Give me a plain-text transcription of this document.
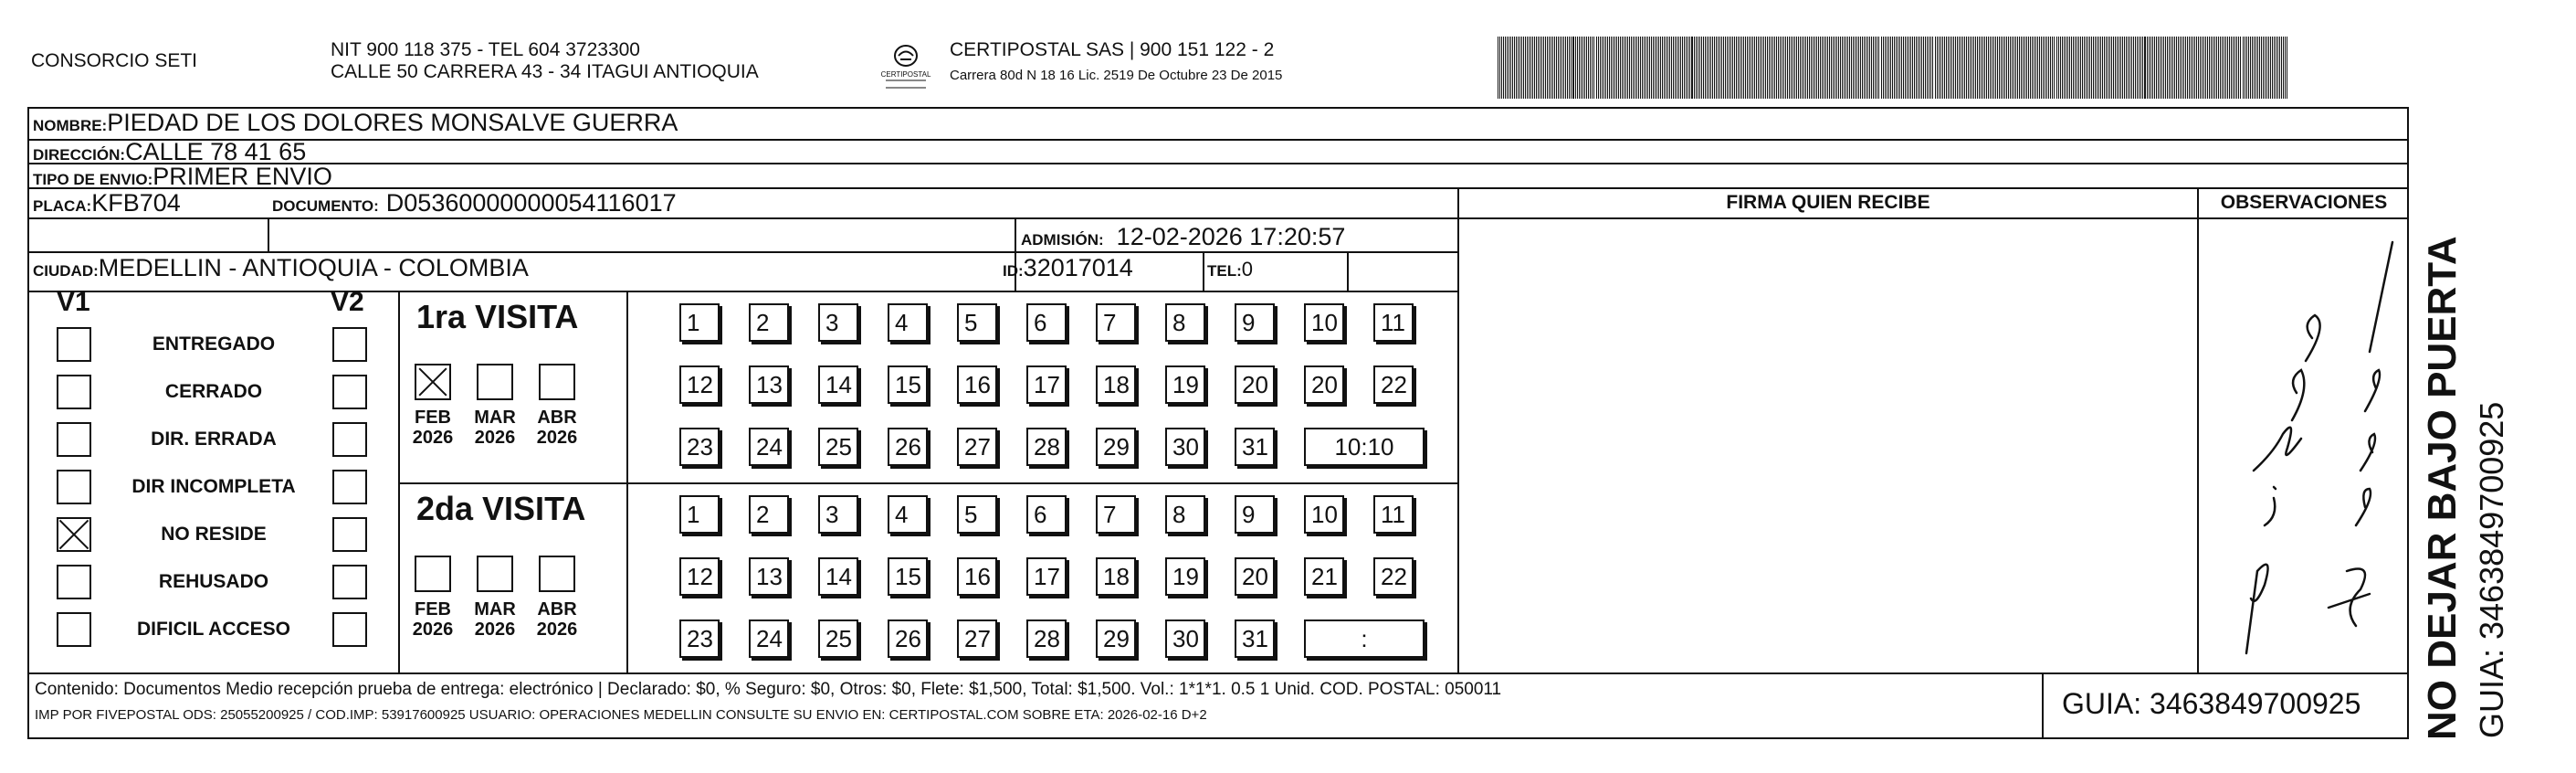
CONSORCIO SETI
NIT 900 118 375 - TEL 604 3723300
CALLE 50 CARRERA 43 - 34 ITAGUI ANTIOQUIA	CERTIPOSTAL
CERTIPOSTAL SAS | 900 151 122 - 2
Carrera 80d N 18 16 Lic. 2519 De Octubre 23 De 2015
NOMBRE:PIEDAD DE LOS DOLORES MONSALVE GUERRA
DIRECCIÓN:CALLE 78 41 65
TIPO DE ENVIO:PRIMER ENVIO
PLACA:KFB704	DOCUMENTO: D05360000000054116017
ADMISIÓN: 12-02-2026 17:20:57
CIUDAD:MEDELLIN - ANTIOQUIA - COLOMBIA	ID:32017014	TEL:0
FIRMA QUIEN RECIBE	OBSERVACIONES
V1	V2
ENTREGADO
CERRADO
DIR. ERRADA
DIR INCOMPLETA
NO RESIDE
REHUSADO
DIFICIL ACCESO
1ra VISITA
FEB
2026
MAR
2026
ABR
2026
1	2	3	4	5	6	7	8	9	10	11
12	13	14	15	16	17	18	19	20	20	22
23	24	25	26	27	28	29	30	31	10:10
2da VISITA
FEB
2026
MAR
2026
ABR
2026
1	2	3	4	5	6	7	8	9	10	11
12	13	14	15	16	17	18	19	20	21	22
23	24	25	26	27	28	29	30	31	:
Contenido: Documentos Medio recepción prueba de entrega: electrónico | Declarado: $0, % Seguro: $0, Otros: $0, Flete: $1,500, Total: $1,500. Vol.: 1*1*1. 0.5 1 Unid. COD. POSTAL: 050011
IMP POR FIVEPOSTAL ODS: 25055200925 / COD.IMP: 53917600925 USUARIO: OPERACIONES MEDELLIN CONSULTE SU ENVIO EN: CERTIPOSTAL.COM SOBRE ETA: 2026-02-16 D+2	GUIA: 3463849700925 NO DEJAR BAJO PUERTA GUIA: 3463849700925
